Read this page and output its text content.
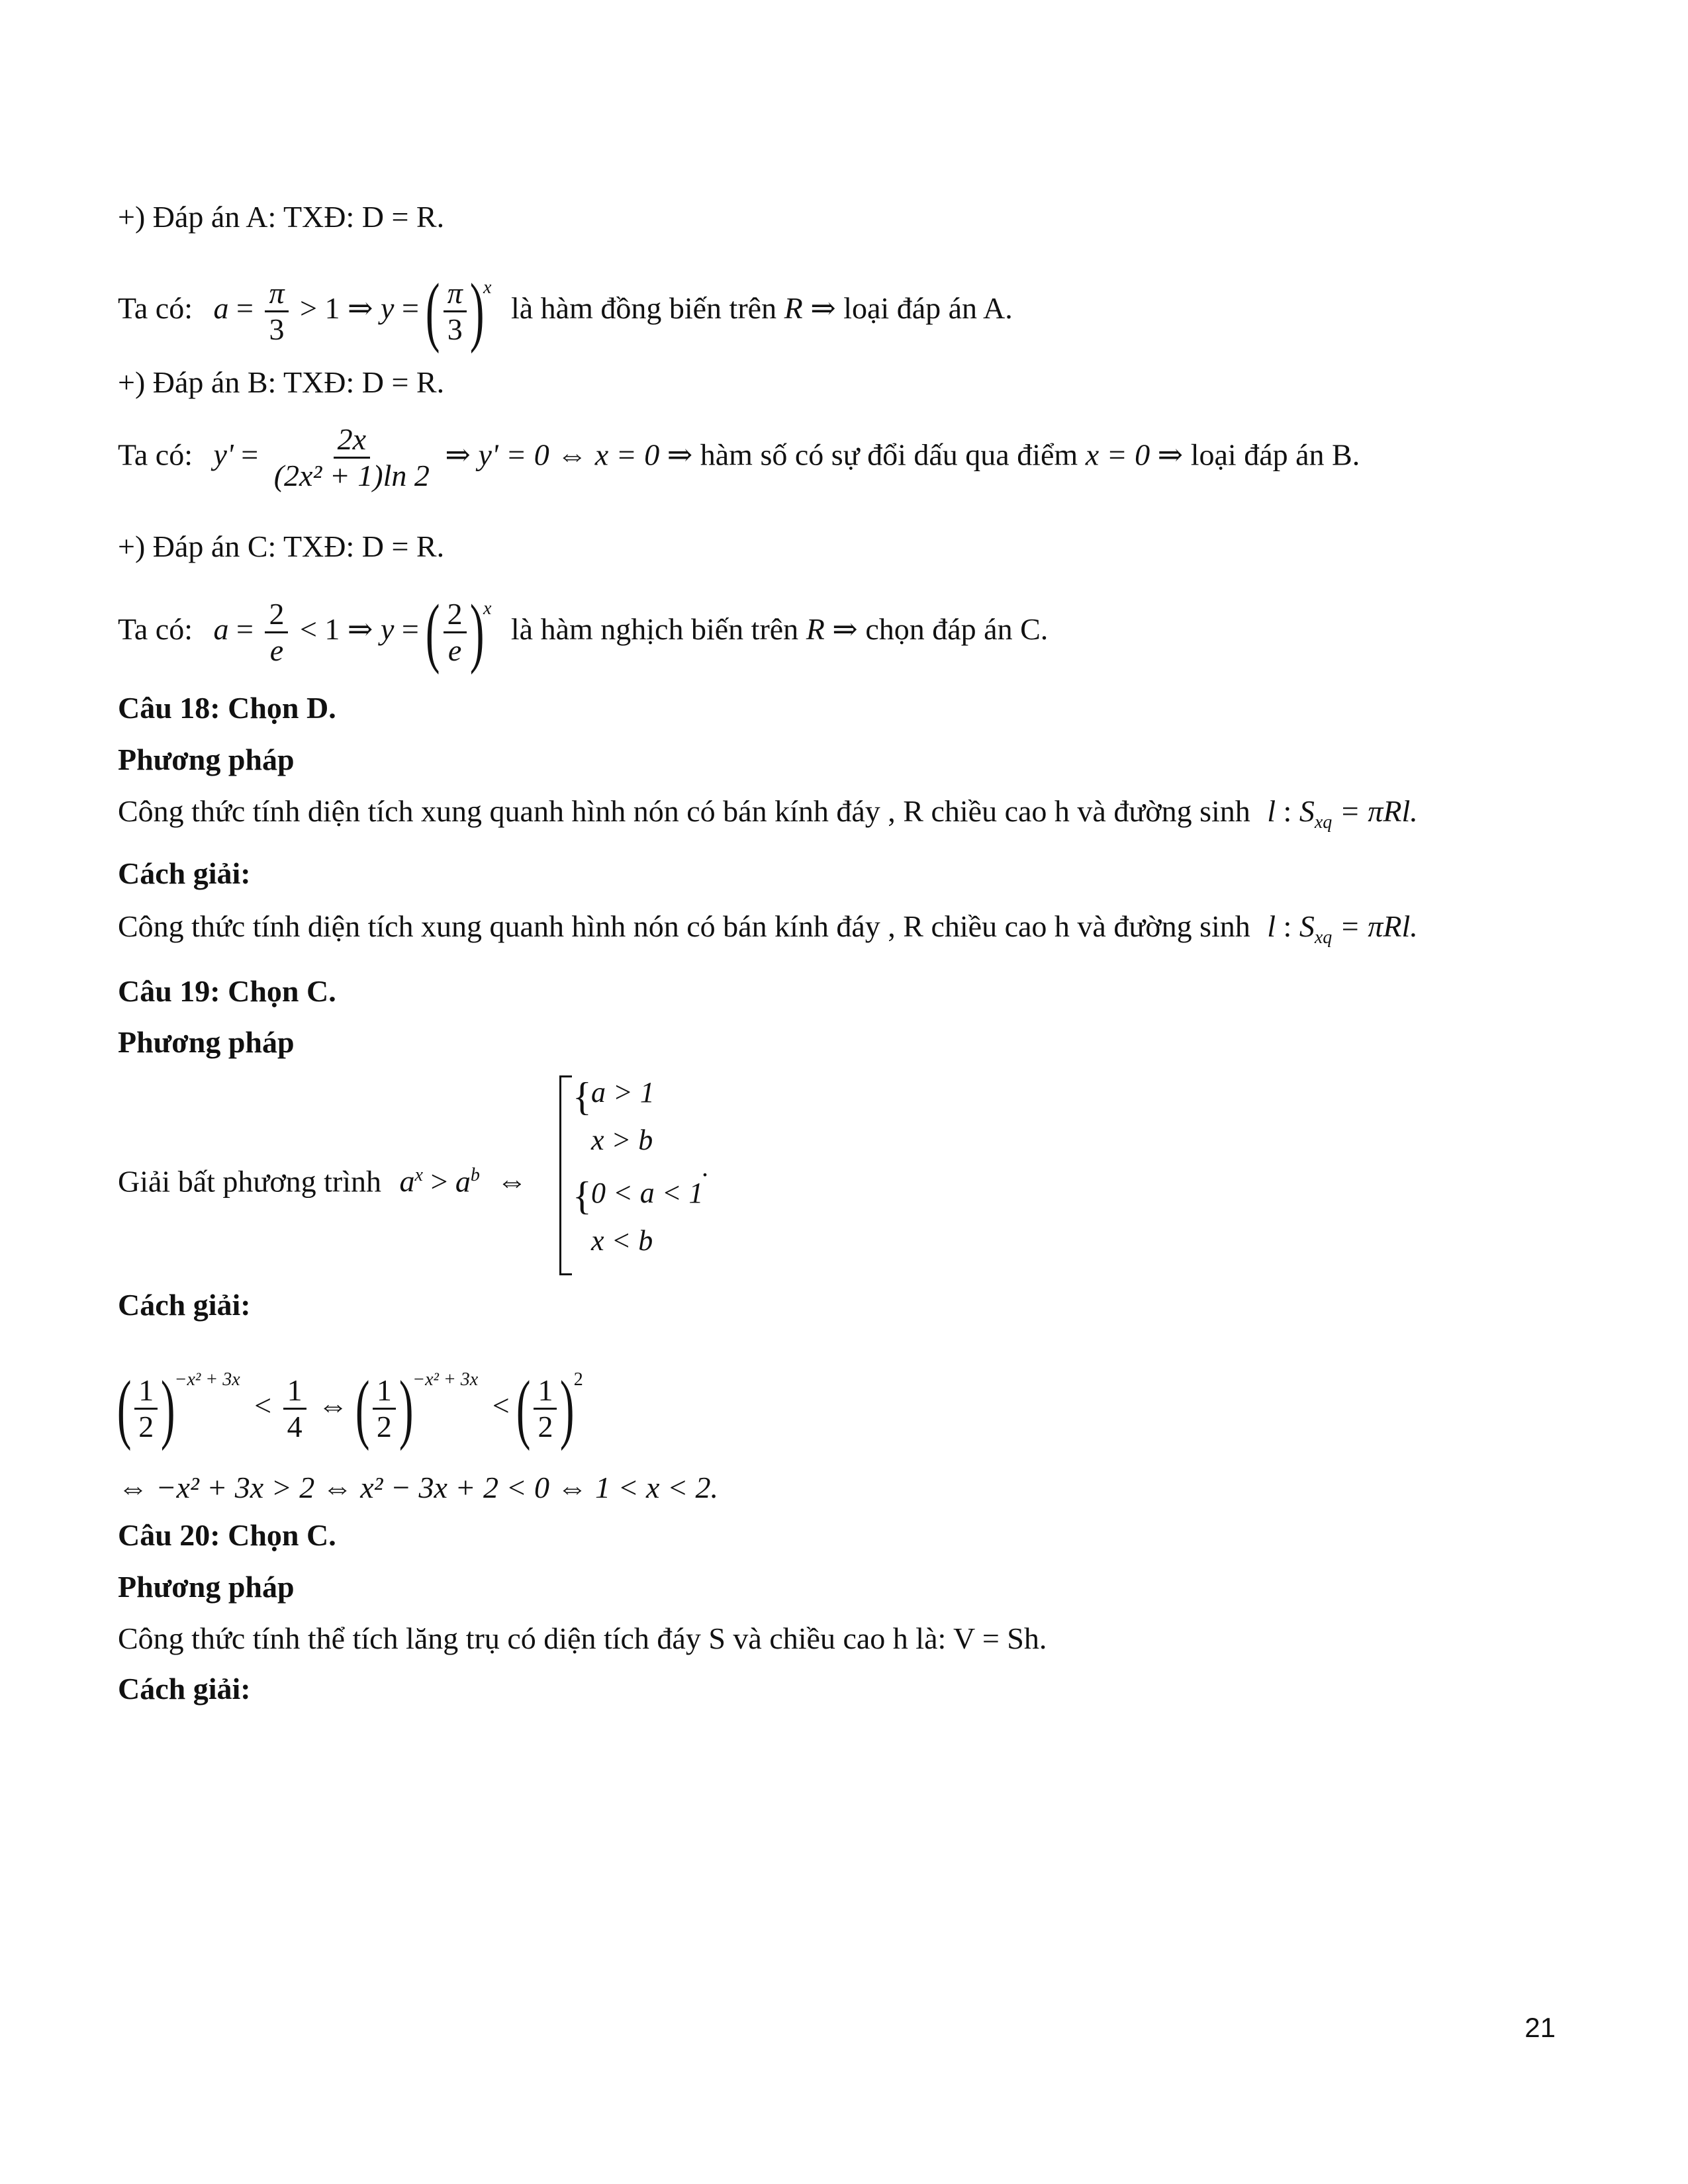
+) Đáp án A: TXĐ: D = R.
Ta có: $a = \frac{\pi}{3} > 1$ ⇒ y = ( $\frac{\pi}{3} )^x$ là hàm đồng biến trên R ⇒ loại đáp án A.
+) Đáp án B: TXĐ: D = R.
Ta có: $y' = \frac{2x}{\text{(2x² + 1)ln 2}}$ ⇒ y' = 0 ⇔ x = 0 ⇒ hàm số có sự đổi dấu qua điểm x = 0 ⇒ loại đáp án B.
+) Đáp án C: TXĐ: D = R.
Ta có: $a = \frac{2}{e} < 1$ ⇒ y = ( $\frac{2}{e} )^x$ là hàm nghịch biến trên R ⇒ chọn đáp án C.
Câu 18: Chọn D.
Phương pháp
Công thức tính diện tích xung quanh hình nón có bán kính đáy , R chiều cao h và đường sinh l : $S_{xq} = \pi Rl$.
Cách giải:
Công thức tính diện tích xung quanh hình nón có bán kính đáy , R chiều cao h và đường sinh l : $S_{xq} = \pi Rl$.
Câu 19: Chọn C.
Phương pháp
Giải bất phương trình $a^x > a^b$ ⇔
{ a > 1
x > b
{ 0 < a < 1
x < b
.
Cách giải:
( $\frac{1}{2} )^{-x^2 + 3x} < \frac{1}{4}$ ⇔ ( $\frac{1}{2} )^{-x^2 + 3x}$ < ( $\frac{1}{2} )^2$
⇔ −x² + 3x > 2 ⇔ x² − 3x + 2 < 0 ⇔ 1 < x < 2.
Câu 20: Chọn C.
Phương pháp
Công thức tính thể tích lăng trụ có diện tích đáy S và chiều cao h là: V = Sh.
Cách giải:
21
